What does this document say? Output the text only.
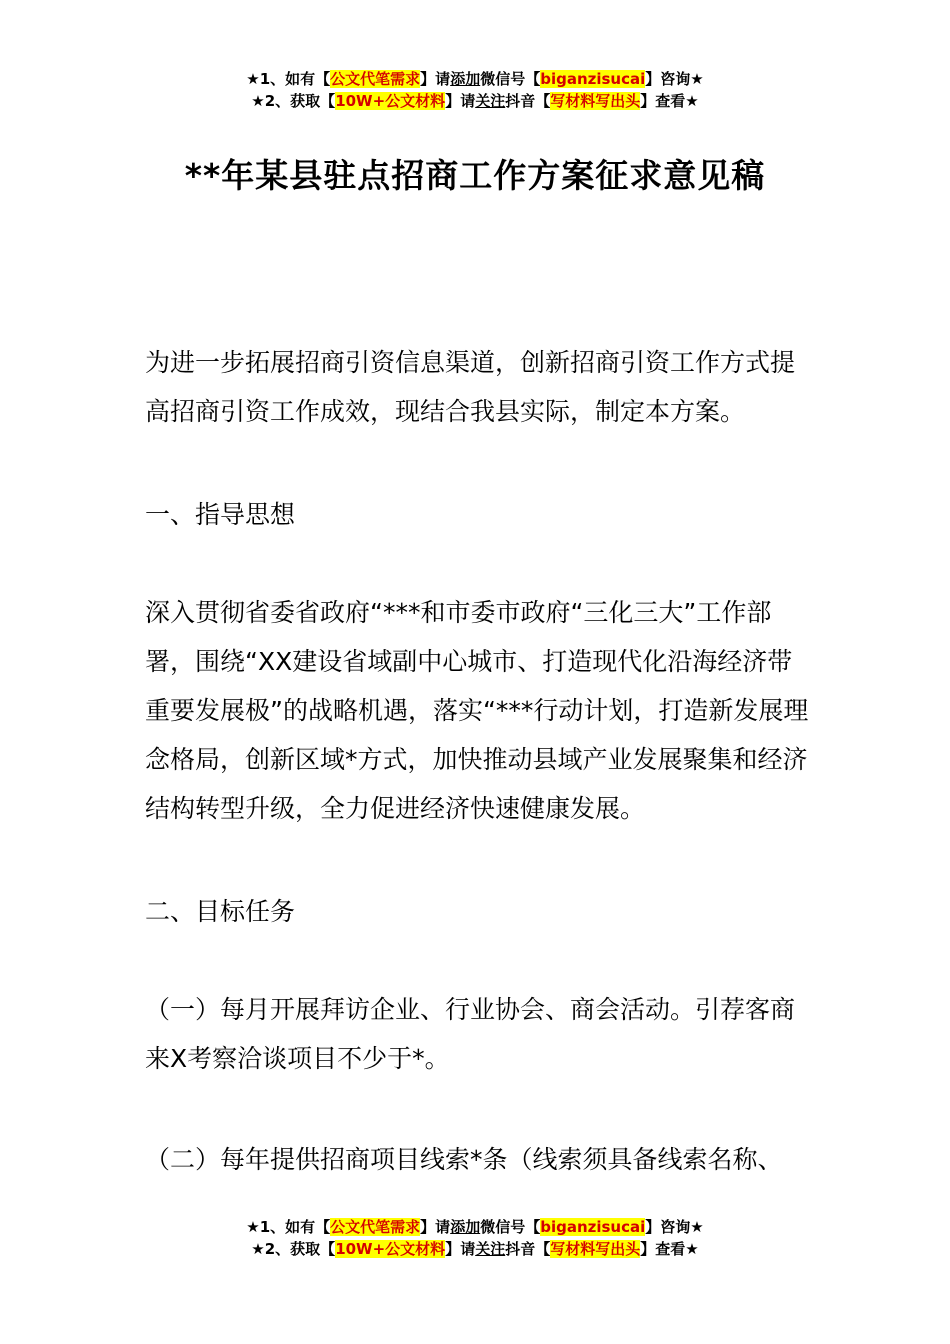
★1、如有【公文代笔需求】请添加微信号【biganzisucai】咨询★
★2、获取【10W+公文材料】请关注抖音【写材料写出头】查看★
**年某县驻点招商工作方案征求意见稿

为进一步拓展招商引资信息渠道，创新招商引资工作方式提高招商引资工作成效，现结合我县实际，制定本方案。

一、指导思想

深入贯彻省委省政府“***和市委市政府“三化三大”工作部署，围绕“XX建设省域副中心城市、打造现代化沿海经济带重要发展极”的战略机遇，落实“***行动计划，打造新发展理念格局，创新区域*方式，加快推动县域产业发展聚集和经济结构转型升级，全力促进经济快速健康发展。

二、目标任务

（一）每月开展拜访企业、行业协会、商会活动。引荐客商来X考察洽谈项目不少于*。

（二）每年提供招商项目线索*条（线索须具备线索名称、

★1、如有【公文代笔需求】请添加微信号【biganzisucai】咨询★
★2、获取【10W+公文材料】请关注抖音【写材料写出头】查看★
